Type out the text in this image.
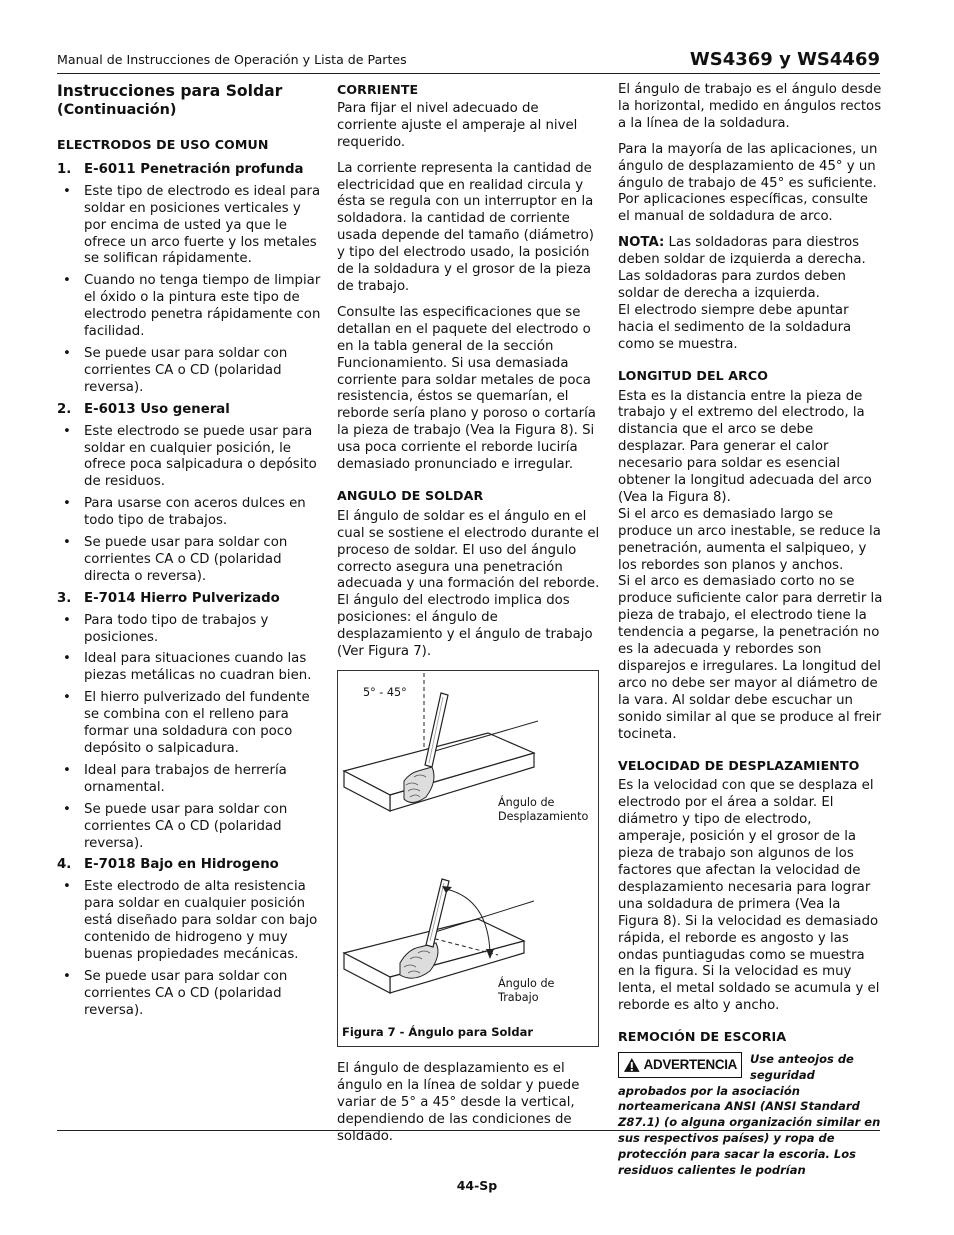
Manual de Instrucciones de Operación y Lista de Partes	WS4369 y WS4469
Instrucciones para Soldar
(Continuación)
ELECTRODOS DE USO COMUN
1. E-6011 Penetración profunda
• Este tipo de electrodo es ideal para soldar en posiciones verticales y por encima de usted ya que le ofrece un arco fuerte y los metales se solifican rápidamente.
• Cuando no tenga tiempo de limpiar el óxido o la pintura este tipo de electrodo penetra rápidamente con facilidad.
• Se puede usar para soldar con corrientes CA o CD (polaridad reversa).
2. E-6013 Uso general
• Este electrodo se puede usar para soldar en cualquier posición, le ofrece poca salpicadura o depósito de residuos.
• Para usarse con aceros dulces en todo tipo de trabajos.
• Se puede usar para soldar con corrientes CA o CD (polaridad directa o reversa).
3. E-7014 Hierro Pulverizado
• Para todo tipo de trabajos y posiciones.
• Ideal para situaciones cuando las piezas metálicas no cuadran bien.
• El hierro pulverizado del fundente se combina con el relleno para formar una soldadura con poco depósito o salpicadura.
• Ideal para trabajos de herrería ornamental.
• Se puede usar para soldar con corrientes CA o CD (polaridad reversa).
4. E-7018 Bajo en Hidrogeno
• Este electrodo de alta resistencia para soldar en cualquier posición está diseñado para soldar con bajo contenido de hidrogeno y muy buenas propiedades mecánicas.
• Se puede usar para soldar con corrientes CA o CD (polaridad reversa).
CORRIENTE

Para fijar el nivel adecuado de corriente ajuste el amperaje al nivel requerido.

La corriente representa la cantidad de electricidad que en realidad circula y ésta se regula con un interruptor en la soldadora. la cantidad de corriente usada depende del tamaño (diámetro) y tipo del electrodo usado, la posición de la soldadura y el grosor de la pieza de trabajo.

Consulte las especificaciones que se detallan en el paquete del electrodo o en la tabla general de la sección Funcionamiento. Si usa demasiada corriente para soldar metales de poca resistencia, éstos se quemarían, el reborde sería plano y poroso o cortaría la pieza de trabajo (Vea la Figura 8). Si usa poca corriente el reborde luciría demasiado pronunciado e irregular.

ANGULO DE SOLDAR

El ángulo de soldar es el ángulo en el cual se sostiene el electrodo durante el proceso de soldar. El uso del ángulo correcto asegura una penetración adecuada y una formación del reborde. El ángulo del electrodo implica dos posiciones: el ángulo de desplazamiento y el ángulo de trabajo (Ver Figura 7).

5° - 45°
Ángulo de
Desplazamiento
Ángulo de
Trabajo
Figura 7 - Ángulo para Soldar

El ángulo de desplazamiento es el ángulo en la línea de soldar y puede variar de 5° a 45° desde la vertical, dependiendo de las condiciones de soldado.

El ángulo de trabajo es el ángulo desde la horizontal, medido en ángulos rectos a la línea de la soldadura.

Para la mayoría de las aplicaciones, un ángulo de desplazamiento de 45° y un ángulo de trabajo de 45° es suficiente. Por aplicaciones específicas, consulte el manual de soldadura de arco.

NOTA: Las soldadoras para diestros deben soldar de izquierda a derecha. Las soldadoras para zurdos deben soldar de derecha a izquierda.

El electrodo siempre debe apuntar hacia el sedimento de la soldadura como se muestra.

LONGITUD DEL ARCO

Esta es la distancia entre la pieza de trabajo y el extremo del electrodo, la distancia que el arco se debe desplazar. Para generar el calor necesario para soldar es esencial obtener la longitud adecuada del arco (Vea la Figura 8).

Si el arco es demasiado largo se produce un arco inestable, se reduce la penetración, aumenta el salpiqueo, y los rebordes son planos y anchos.

Si el arco es demasiado corto no se produce suficiente calor para derretir la pieza de trabajo, el electrodo tiene la tendencia a pegarse, la penetración no es la adecuada y rebordes son disparejos e irregulares. La longitud del arco no debe ser mayor al diámetro de la vara. Al soldar debe escuchar un sonido similar al que se produce al freir tocineta.

VELOCIDAD DE DESPLAZAMIENTO

Es la velocidad con que se desplaza el electrodo por el área a soldar. El diámetro y tipo de electrodo, amperaje, posición y el grosor de la pieza de trabajo son algunos de los factores que afectan la velocidad de desplazamiento necesaria para lograr una soldadura de primera (Vea la Figura 8). Si la velocidad es demasiado rápida, el reborde es angosto y las ondas puntiagudas como se muestra en la figura. Si la velocidad es muy lenta, el metal soldado se acumula y el reborde es alto y ancho.

REMOCIÓN DE ESCORIA
ADVERTENCIA Use anteojos de seguridad aprobados por la asociación norteamericana ANSI (ANSI Standard Z87.1) (o alguna organización similar en sus respectivos países) y ropa de protección para sacar la escoria. Los residuos calientes le podrían
44-Sp
